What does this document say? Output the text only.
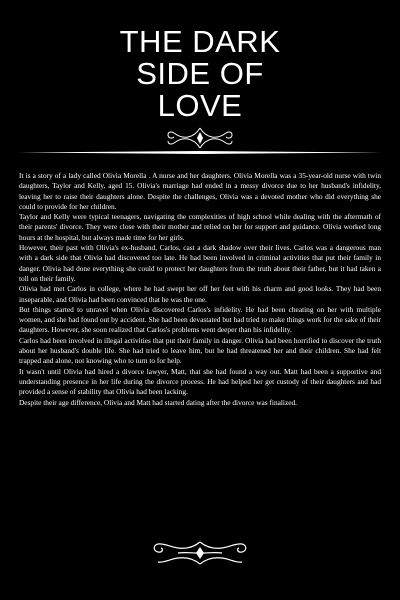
THE DARK
SIDE OF
LOVE

It is a story of a lady called Olivia Morella . A nurse and her daughters. Olivia Morella was a 35-year-old nurse with twin daughters, Taylor and Kelly, aged 15. Olivia's marriage had ended in a messy divorce due to her husband's infidelity, leaving her to raise their daughters alone. Despite the challenges, Olivia was a devoted mother who did everything she could to provide for her children.

Taylor and Kelly were typical teenagers, navigating the complexities of high school while dealing with the aftermath of their parents' divorce. They were close with their mother and relied on her for support and guidance. Olivia worked long hours at the hospital, but always made time for her girls.

However, their past with Olivia's ex-husband, Carlos, cast a dark shadow over their lives. Carlos was a dangerous man with a dark side that Olivia had discovered too late. He had been involved in criminal activities that put their family in danger. Olivia had done everything she could to protect her daughters from the truth about their father, but it had taken a toll on their family.

Olivia had met Carlos in college, where he had swept her off her feet with his charm and good looks. They had been inseparable, and Olivia had been convinced that he was the one.

But things started to unravel when Olivia discovered Carlos's infidelity. He had been cheating on her with multiple women, and she had found out by accident. She had been devastated but had tried to make things work for the sake of their daughters. However, she soon realized that Carlos's problems went deeper than his infidelity.

Carlos had been involved in illegal activities that put their family in danger. Olivia had been horrified to discover the truth about her husband's double life. She had tried to leave him, but he had threatened her and their children. She had felt trapped and alone, not knowing who to turn to for help.

It wasn't until Olivia had hired a divorce lawyer, Matt, that she had found a way out. Matt had been a supportive and understanding presence in her life during the divorce process. He had helped her get custody of their daughters and had provided a sense of stability that Olivia had been lacking.

Despite their age difference, Olivia and Matt had started dating after the divorce was finalized.
